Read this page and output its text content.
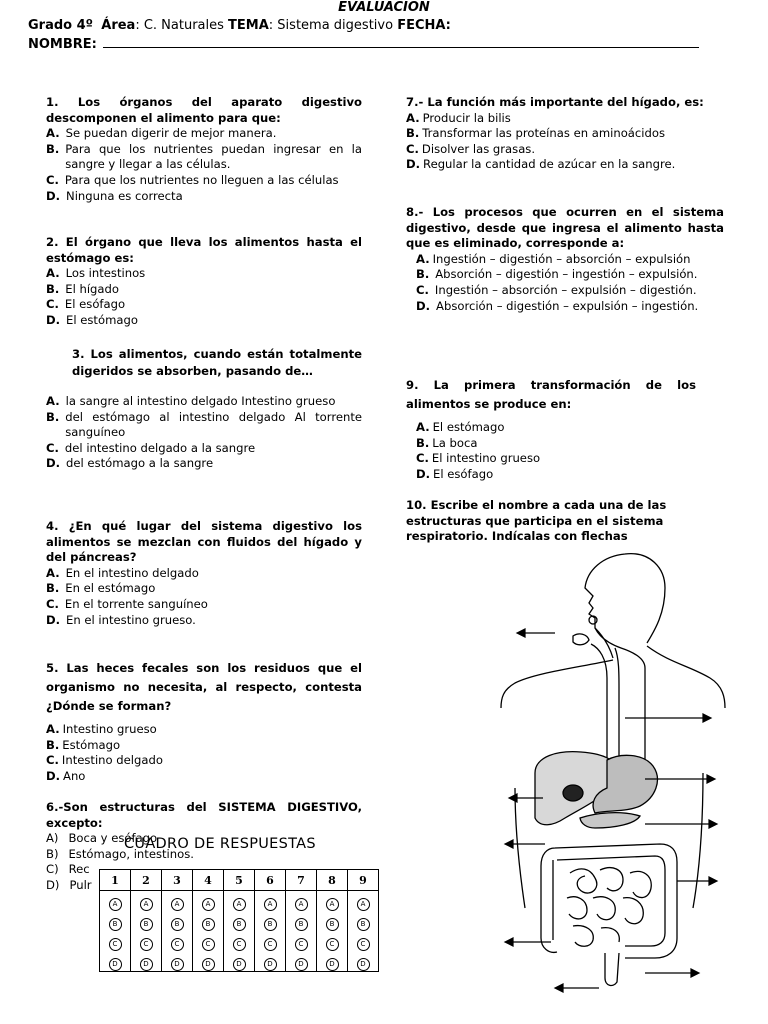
EVALUACION
Grado 4º Área: C. Naturales TEMA: Sistema digestivo FECHA:
NOMBRE:
1. Los órganos del aparato digestivo descomponen el alimento para que:
A. Se puedan digerir de mejor manera.
B. Para que los nutrientes puedan ingresar en la sangre y llegar a las células.
C. Para que los nutrientes no lleguen a las células
D. Ninguna es correcta
2. El órgano que lleva los alimentos hasta el estómago es:
A. Los intestinos
B. El hígado
C. El esófago
D. El estómago
3. Los alimentos, cuando están totalmente digeridos se absorben, pasando de…
A. la sangre al intestino delgado Intestino grueso
B. del estómago al intestino delgado Al torrente sanguíneo
C. del intestino delgado a la sangre
D. del estómago a la sangre
4. ¿En qué lugar del sistema digestivo los alimentos se mezclan con fluidos del hígado y del páncreas?
A. En el intestino delgado
B. En el estómago
C. En el torrente sanguíneo
D. En el intestino grueso.
5. Las heces fecales son los residuos que el organismo no necesita, al respecto, contesta ¿Dónde se forman?
A. Intestino grueso
B. Estómago
C. Intestino delgado
D. Ano
6.-Son estructuras del SISTEMA DIGESTIVO, excepto:
A) Boca y esófago
B) Estómago, intestinos.
C) Rec
D) Pulr
CUADRO DE RESPUESTAS
1	2	3	4	5	6	7	8	9
A	A	A	A	A	A	A	A	A
B	B	B	B	B	B	B	B	B
C	C	C	C	C	C	C	C	C
D	D	D	D	D	D	D	D	D
7.- La función más importante del hígado, es:
A. Producir la bilis
B. Transformar las proteínas en aminoácidos
C. Disolver las grasas.
D. Regular la cantidad de azúcar en la sangre.
8.- Los procesos que ocurren en el sistema digestivo, desde que ingresa el alimento hasta que es eliminado, corresponde a:
A. Ingestión – digestión – absorción – expulsión
B. Absorción – digestión – ingestión – expulsión.
C. Ingestión – absorción – expulsión – digestión.
D. Absorción – digestión – expulsión – ingestión.
9. La primera transformación de los alimentos se produce en:
A. El estómago
B. La boca
C. El intestino grueso
D. El esófago
10. Escribe el nombre a cada una de las estructuras que participa en el sistema respiratorio. Indícalas con flechas
